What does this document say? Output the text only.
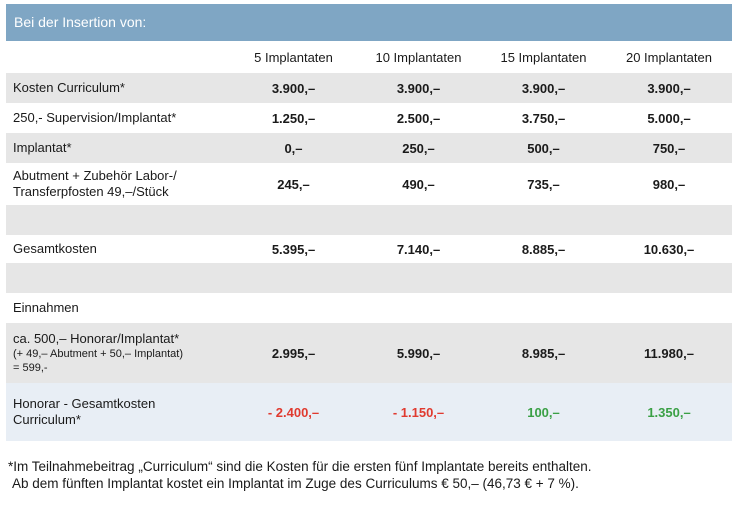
Bei der Insertion von:
5 Implantaten	10 Implantaten	15 Implantaten	20 Implantaten
Kosten Curriculum*	3.900,–	3.900,–	3.900,–	3.900,–
250,- Supervision/Implantat*	1.250,–	2.500,–	3.750,–	5.000,–
Implantat*	0,–	250,–	500,–	750,–
Abutment + Zubehör Labor-/
Transferpfosten 49,–/Stück	245,–	490,–	735,–	980,–
Gesamtkosten	5.395,–	7.140,–	8.885,–	10.630,–
Einnahmen
ca. 500,– Honorar/Implantat*
(+ 49,– Abutment + 50,– Implantat)
= 599,-
2.995,–	5.990,–	8.985,–	11.980,–
Honorar - Gesamtkosten
Curriculum*	- 2.400,–	- 1.150,–	100,–	1.350,–
*Im Teilnahmebeitrag „Curriculum“ sind die Kosten für die ersten fünf Implantate bereits enthalten.
Ab dem fünften Implantat kostet ein Implantat im Zuge des Curriculums € 50,– (46,73 € + 7 %).
